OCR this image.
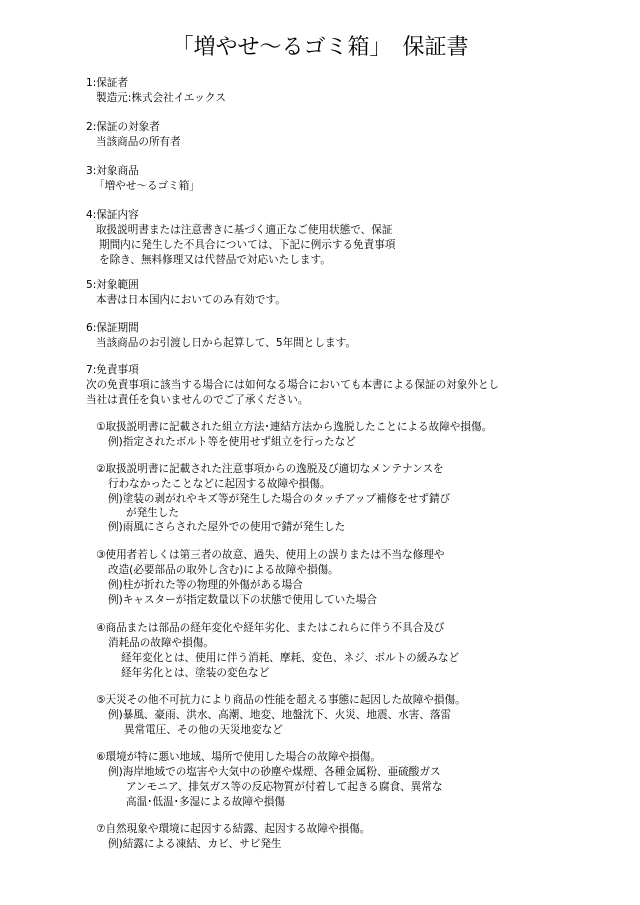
「増やせ～るゴミ箱」　保証書
1:保証者
製造元:株式会社イエックス
2:保証の対象者
当該商品の所有者
3:対象商品
「増やせ～るゴミ箱」
4:保証内容
取扱説明書または注意書きに基づく適正なご使用状態で、保証
期間内に発生した不具合については、下記に例示する免責事項
を除き、無料修理又は代替品で対応いたします。
5:対象範囲
本書は日本国内においてのみ有効です。
6:保証期間
当該商品のお引渡し日から起算して、5年間とします。
7:免責事項
次の免責事項に該当する場合には如何なる場合においても本書による保証の対象外とし
当社は責任を負いませんのでご了承ください。
①取扱説明書に記載された組立方法･連結方法から逸脱したことによる故障や損傷。
例)指定されたボルト等を使用せず組立を行ったなど
②取扱説明書に記載された注意事項からの逸脱及び適切なメンテナンスを
行わなかったことなどに起因する故障や損傷。
例)塗装の剥がれやキズ等が発生した場合のタッチアップ補修をせず錆び
が発生した
例)雨風にさらされた屋外での使用で錆が発生した
③使用者若しくは第三者の故意、過失、使用上の誤りまたは不当な修理や
改造(必要部品の取外し含む)による故障や損傷。
例)柱が折れた等の物理的外傷がある場合
例)キャスターが指定数量以下の状態で使用していた場合
④商品または部品の経年変化や経年劣化、またはこれらに伴う不具合及び
消耗品の故障や損傷。
経年変化とは、使用に伴う消耗、摩耗、変色、ネジ、ボルトの緩みなど
経年劣化とは、塗装の変色など
⑤天災その他不可抗力により商品の性能を超える事態に起因した故障や損傷。
例)暴風、豪雨、洪水、高潮、地変、地盤沈下、火災、地震、水害、落雷
異常電圧、その他の天災地変など
⑥環境が特に悪い地域、場所で使用した場合の故障や損傷。
例)海岸地域での塩害や大気中の砂塵や煤煙、各種金属粉、亜硫酸ガス
アンモニア、排気ガス等の反応物質が付着して起きる腐食、異常な
高温･低温･多湿による故障や損傷
⑦自然現象や環境に起因する結露、起因する故障や損傷。
例)結露による凍結、カビ、サビ発生
